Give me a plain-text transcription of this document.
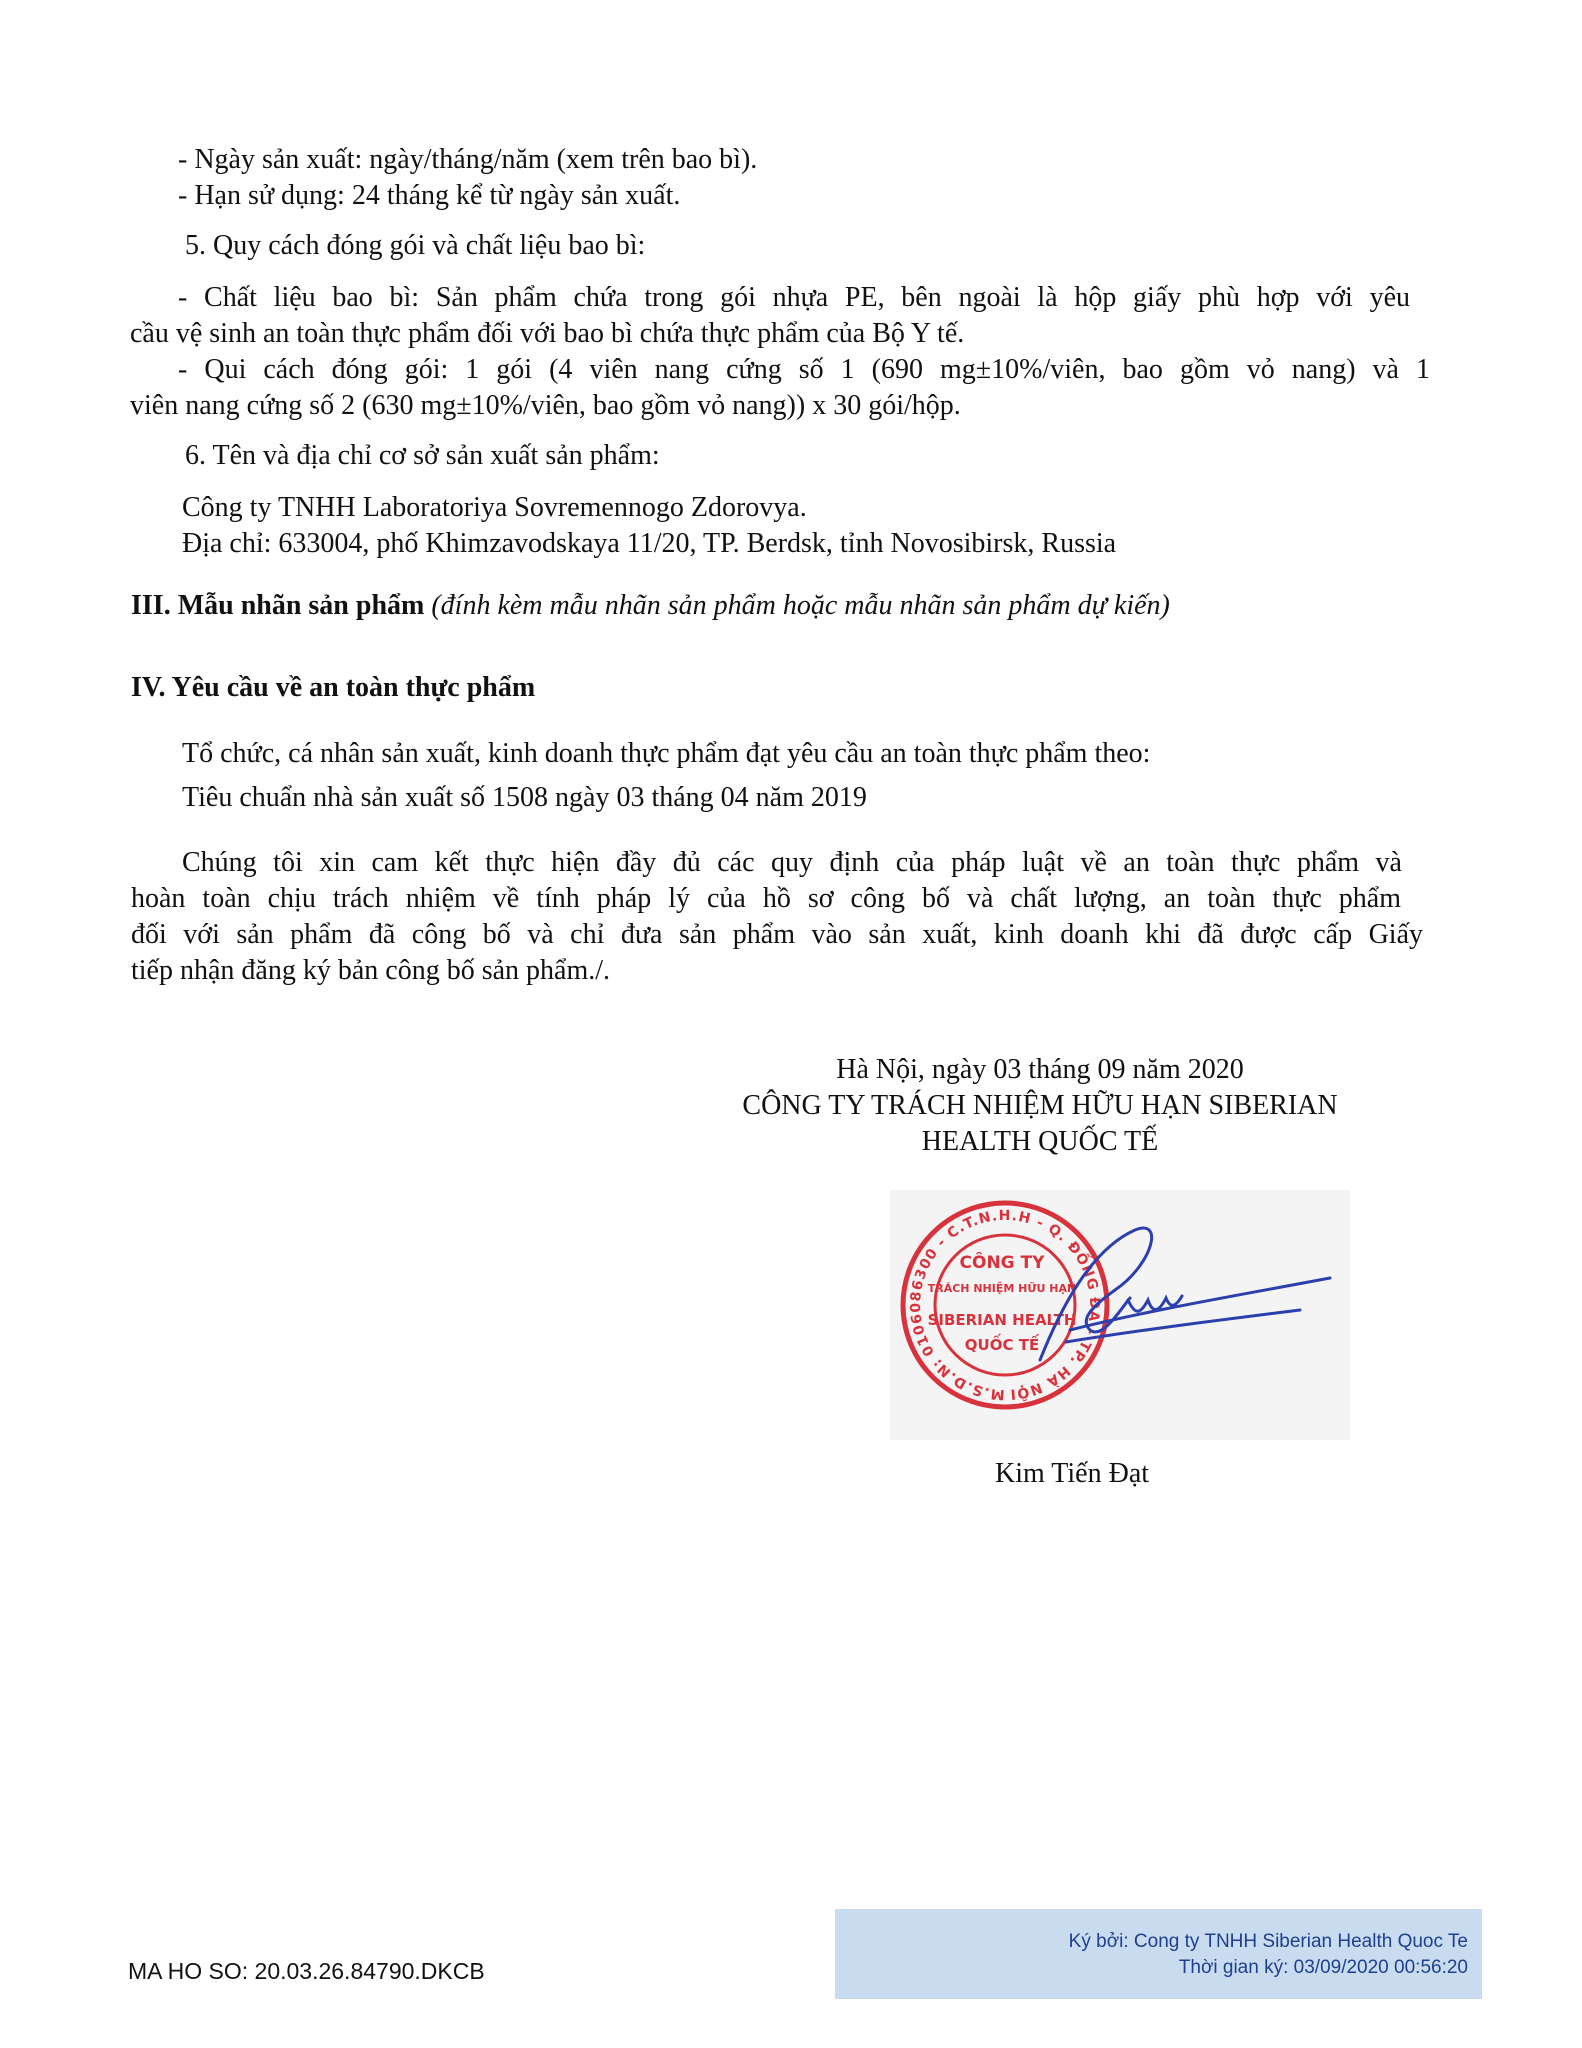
- Ngày sản xuất: ngày/tháng/năm (xem trên bao bì).
- Hạn sử dụng: 24 tháng kể từ ngày sản xuất.
5. Quy cách đóng gói và chất liệu bao bì:
- Chất liệu bao bì: Sản phẩm chứa trong gói nhựa PE, bên ngoài là hộp giấy phù hợp với yêu
cầu vệ sinh an toàn thực phẩm đối với bao bì chứa thực phẩm của Bộ Y tế.
- Qui cách đóng gói: 1 gói (4 viên nang cứng số 1 (690 mg±10%/viên, bao gồm vỏ nang) và 1
viên nang cứng số 2 (630 mg±10%/viên, bao gồm vỏ nang)) x 30 gói/hộp.
6. Tên và địa chỉ cơ sở sản xuất sản phẩm:
Công ty TNHH Laboratoriya Sovremennogo Zdorovya.
Địa chỉ: 633004, phố Khimzavodskaya 11/20, TP. Berdsk, tỉnh Novosibirsk, Russia
III. Mẫu nhãn sản phẩm (đính kèm mẫu nhãn sản phẩm hoặc mẫu nhãn sản phẩm dự kiến)
IV. Yêu cầu về an toàn thực phẩm
Tổ chức, cá nhân sản xuất, kinh doanh thực phẩm đạt yêu cầu an toàn thực phẩm theo:
Tiêu chuẩn nhà sản xuất số 1508 ngày 03 tháng 04 năm 2019
Chúng tôi xin cam kết thực hiện đầy đủ các quy định của pháp luật về an toàn thực phẩm và
hoàn toàn chịu trách nhiệm về tính pháp lý của hồ sơ công bố và chất lượng, an toàn thực phẩm
đối với sản phẩm đã công bố và chỉ đưa sản phẩm vào sản xuất, kinh doanh khi đã được cấp Giấy
tiếp nhận đăng ký bản công bố sản phẩm./.
Hà Nội, ngày 03 tháng 09 năm 2020
CÔNG TY TRÁCH NHIỆM HỮU HẠN SIBERIAN
HEALTH QUỐC TẾ
M.S.D.N: 0106086300 - C.T.N.H.H - Q. ĐỐNG ĐA - TP. HÀ NỘI
CÔNG TY
TRÁCH NHIỆM HỮU HẠN
SIBERIAN HEALTH
QUỐC TẾ
Kim Tiến Đạt
MA HO SO: 20.03.26.84790.DKCB
Ký bởi: Cong ty TNHH Siberian Health Quoc Te
Thời gian ký: 03/09/2020 00:56:20
